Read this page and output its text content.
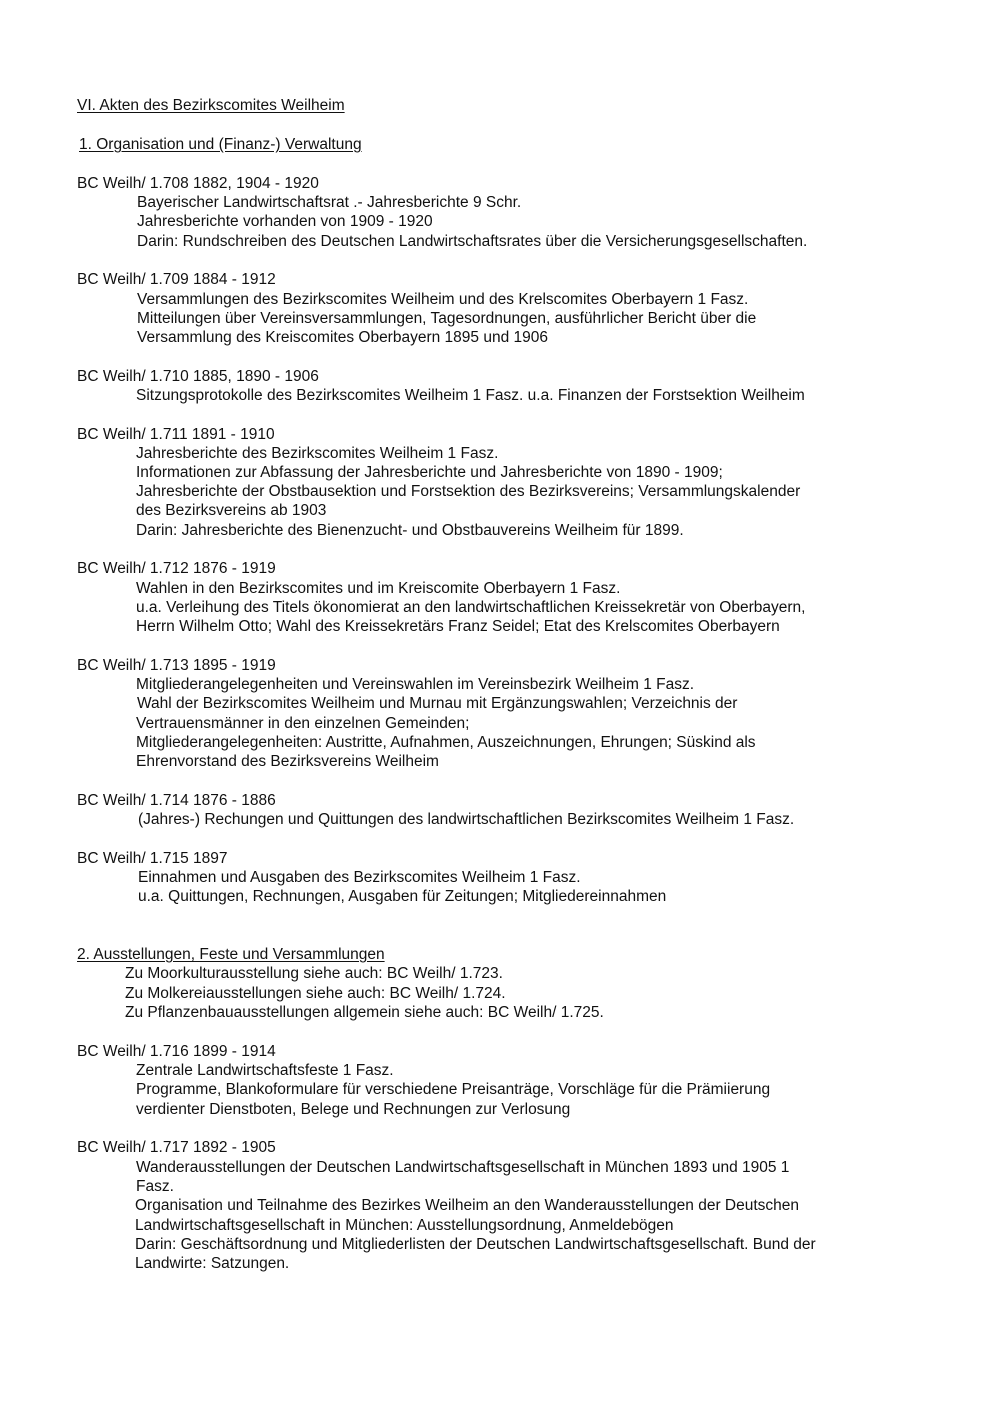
VI. Akten des Bezirkscomites Weilheim
1. Organisation und (Finanz-) Verwaltung
BC Weilh/ 1.708 1882, 1904 - 1920
Bayerischer Landwirtschaftsrat .- Jahresberichte 9 Schr.
Jahresberichte vorhanden von 1909 - 1920
Darin: Rundschreiben des Deutschen Landwirtschaftsrates über die Versicherungsgesellschaften.
BC Weilh/ 1.709 1884 - 1912
Versammlungen des Bezirkscomites Weilheim und des Krelscomites Oberbayern 1 Fasz.
Mitteilungen über Vereinsversammlungen, Tagesordnungen, ausführlicher Bericht über die
Versammlung des Kreiscomites Oberbayern 1895 und 1906
BC Weilh/ 1.710 1885, 1890 - 1906
Sitzungsprotokolle des Bezirkscomites Weilheim 1 Fasz. u.a. Finanzen der Forstsektion Weilheim
BC Weilh/ 1.711 1891 - 1910
Jahresberichte des Bezirkscomites Weilheim 1 Fasz.
Informationen zur Abfassung der Jahresberichte und Jahresberichte von 1890 - 1909;
Jahresberichte der Obstbausektion und Forstsektion des Bezirksvereins; Versammlungskalender
des Bezirksvereins ab 1903
Darin: Jahresberichte des Bienenzucht- und Obstbauvereins Weilheim für 1899.
BC Weilh/ 1.712 1876 - 1919
Wahlen in den Bezirkscomites und im Kreiscomite Oberbayern 1 Fasz.
u.a. Verleihung des Titels ökonomierat an den landwirtschaftlichen Kreissekretär von Oberbayern,
Herrn Wilhelm Otto; Wahl des Kreissekretärs Franz Seidel; Etat des Krelscomites Oberbayern
BC Weilh/ 1.713 1895 - 1919
Mitgliederangelegenheiten und Vereinswahlen im Vereinsbezirk Weilheim 1 Fasz.
Wahl der Bezirkscomites Weilheim und Murnau mit Ergänzungswahlen; Verzeichnis der
Vertrauensmänner in den einzelnen Gemeinden;
Mitgliederangelegenheiten: Austritte, Aufnahmen, Auszeichnungen, Ehrungen; Süskind als
Ehrenvorstand des Bezirksvereins Weilheim
BC Weilh/ 1.714 1876 - 1886
(Jahres-) Rechungen und Quittungen des landwirtschaftlichen Bezirkscomites Weilheim 1 Fasz.
BC Weilh/ 1.715 1897
Einnahmen und Ausgaben des Bezirkscomites Weilheim 1 Fasz.
u.a. Quittungen, Rechnungen, Ausgaben für Zeitungen; Mitgliedereinnahmen
2. Ausstellungen, Feste und Versammlungen
Zu Moorkulturausstellung siehe auch: BC Weilh/ 1.723.
Zu Molkereiausstellungen siehe auch: BC Weilh/ 1.724.
Zu Pflanzenbauausstellungen allgemein siehe auch: BC Weilh/ 1.725.
BC Weilh/ 1.716 1899 - 1914
Zentrale Landwirtschaftsfeste 1 Fasz.
Programme, Blankoformulare für verschiedene Preisanträge, Vorschläge für die Prämiierung
verdienter Dienstboten, Belege und Rechnungen zur Verlosung
BC Weilh/ 1.717 1892 - 1905
Wanderausstellungen der Deutschen Landwirtschaftsgesellschaft in München 1893 und 1905 1
Fasz.
Organisation und Teilnahme des Bezirkes Weilheim an den Wanderausstellungen der Deutschen
Landwirtschaftsgesellschaft in München: Ausstellungsordnung, Anmeldebögen
Darin: Geschäftsordnung und Mitgliederlisten der Deutschen Landwirtschaftsgesellschaft. Bund der
Landwirte: Satzungen.
